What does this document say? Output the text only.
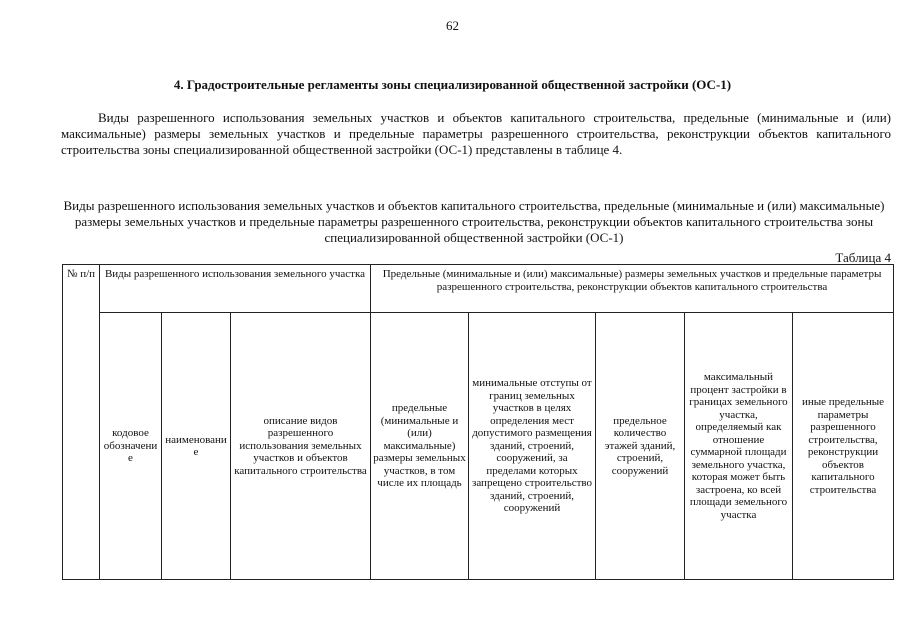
62
4. Градостроительные регламенты зоны специализированной общественной застройки (ОС-1)

Виды разрешенного использования земельных участков и объектов капитального строительства, предельные (минимальные и (или) максимальные) размеры земельных участков и предельные параметры разрешенного строительства, реконструкции объектов капитального строительства зоны специализированной общественной застройки (ОС-1) представлены в таблице 4.

Виды разрешенного использования земельных участков и объектов капитального строительства, предельные (минимальные и (или) максимальные) размеры земельных участков и предельные параметры разрешенного строительства, реконструкции объектов капитального строительства зоны специализированной общественной застройки (ОС-1)

Таблица 4
№ п/п	Виды разрешенного использования земельного участка			Предельные (минимальные и (или) максимальные) размеры земельных участков и предельные параметры разрешенного строительства, реконструкции объектов капитального строительства				
	кодовое обозначение	наименование	описание видов разрешенного использования земельных участков и объектов капитального строительства	предельные (минимальные и (или) максимальные) размеры земельных участков, в том числе их площадь	минимальные отступы от границ земельных участков в целях определения мест допустимого размещения зданий, строений, сооружений, за пределами которых запрещено строительство зданий, строений, сооружений	предельное количество этажей зданий, строений, сооружений	максимальный процент застройки в границах земельного участка, определяемый как отношение суммарной площади земельного участка, которая может быть застроена, ко всей площади земельного участка	иные предельные параметры разрешенного строительства, реконструкции объектов капитального строительства
